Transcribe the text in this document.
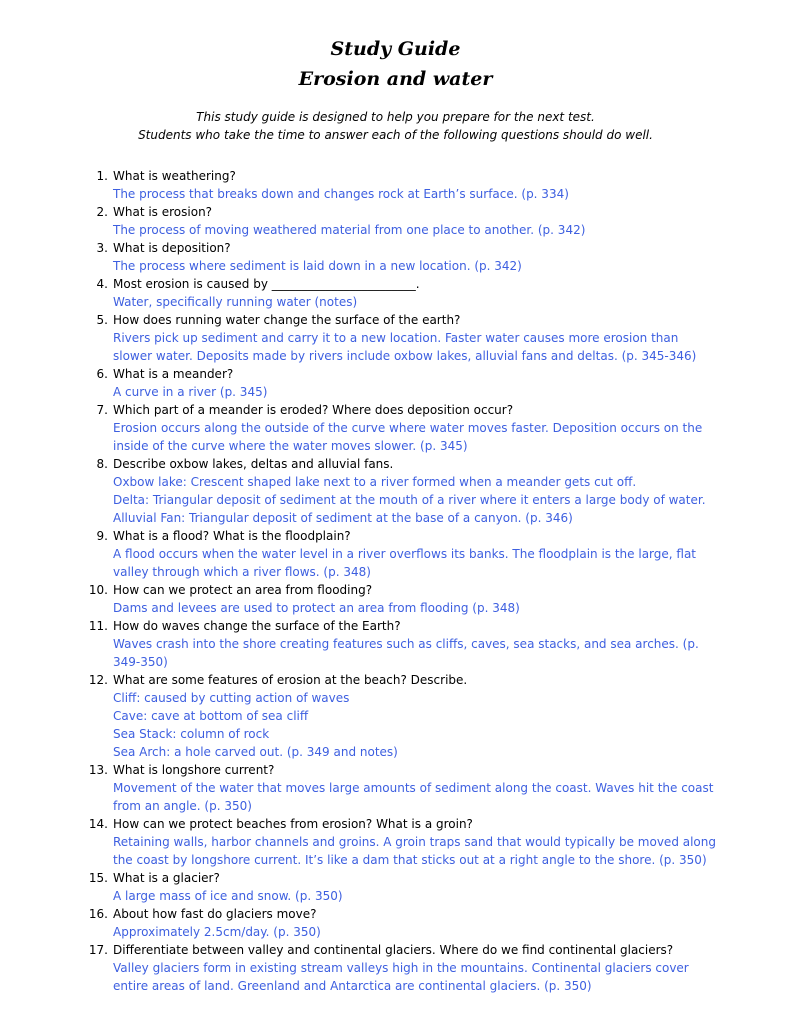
Study Guide
Erosion and water

This study guide is designed to help you prepare for the next test.
Students who take the time to answer each of the following questions should do well.

1. What is weathering?
The process that breaks down and changes rock at Earth’s surface. (p. 334)
2. What is erosion?
The process of moving weathered material from one place to another. (p. 342)
3. What is deposition?
The process where sediment is laid down in a new location. (p. 342)
4. Most erosion is caused by ________________________.
Water, specifically running water (notes)
5. How does running water change the surface of the earth?
Rivers pick up sediment and carry it to a new location. Faster water causes more erosion than slower water. Deposits made by rivers include oxbow lakes, alluvial fans and deltas. (p. 345-346)
6. What is a meander?
A curve in a river (p. 345)
7. Which part of a meander is eroded? Where does deposition occur?
Erosion occurs along the outside of the curve where water moves faster. Deposition occurs on the inside of the curve where the water moves slower. (p. 345)
8. Describe oxbow lakes, deltas and alluvial fans.
Oxbow lake: Crescent shaped lake next to a river formed when a meander gets cut off.
Delta: Triangular deposit of sediment at the mouth of a river where it enters a large body of water.
Alluvial Fan: Triangular deposit of sediment at the base of a canyon. (p. 346)
9. What is a flood? What is the floodplain?
A flood occurs when the water level in a river overflows its banks. The floodplain is the large, flat valley through which a river flows. (p. 348)
10. How can we protect an area from flooding?
Dams and levees are used to protect an area from flooding (p. 348)
11. How do waves change the surface of the Earth?
Waves crash into the shore creating features such as cliffs, caves, sea stacks, and sea arches. (p. 349-350)
12. What are some features of erosion at the beach? Describe.
Cliff: caused by cutting action of waves
Cave: cave at bottom of sea cliff
Sea Stack: column of rock
Sea Arch: a hole carved out. (p. 349 and notes)
13. What is longshore current?
Movement of the water that moves large amounts of sediment along the coast. Waves hit the coast from an angle. (p. 350)
14. How can we protect beaches from erosion? What is a groin?
Retaining walls, harbor channels and groins. A groin traps sand that would typically be moved along the coast by longshore current. It’s like a dam that sticks out at a right angle to the shore. (p. 350)
15. What is a glacier?
A large mass of ice and snow. (p. 350)
16. About how fast do glaciers move?
Approximately 2.5cm/day. (p. 350)
17. Differentiate between valley and continental glaciers. Where do we find continental glaciers?
Valley glaciers form in existing stream valleys high in the mountains. Continental glaciers cover entire areas of land. Greenland and Antarctica are continental glaciers. (p. 350)
